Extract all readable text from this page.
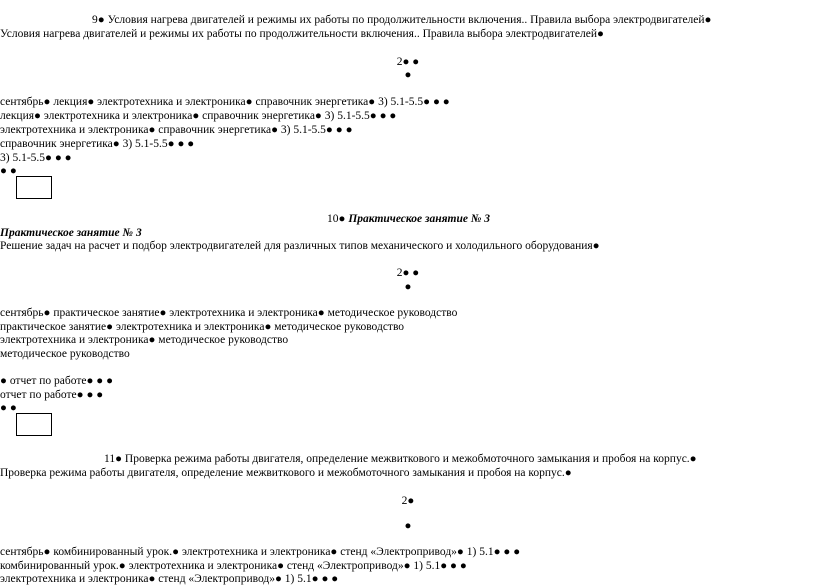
9● Условия нагрева двигателей и режимы их работы по продолжительности включения.. Правила выбора электродвигателей●
Условия нагрева двигателей и режимы их работы по продолжительности включения.. Правила выбора электродвигателей●
2● ●
●
сентябрь● лекция● электротехника и электроника● справочник энергетика● 3) 5.1-5.5● ● ●
лекция● электротехника и электроника● справочник энергетика● 3) 5.1-5.5● ● ●
электротехника и электроника● справочник энергетика● 3) 5.1-5.5● ● ●
справочник энергетика● 3) 5.1-5.5● ● ●
3) 5.1-5.5● ● ●
● ●
10● Практическое занятие № 3
Практическое занятие № 3
Решение задач на расчет и подбор электродвигателей для различных типов механического и холодильного оборудования●
2● ●
●
сентябрь● практическое занятие● электротехника и электроника● методическое руководство
практическое занятие● электротехника и электроника● методическое руководство
электротехника и электроника● методическое руководство
методическое руководство
● отчет по работе● ● ●
отчет по работе● ● ●
● ●
11● Проверка режима работы двигателя, определение межвиткового и межобмоточного замыкания и пробоя на корпус.●
Проверка режима работы двигателя, определение межвиткового и межобмоточного замыкания и пробоя на корпус.●
2●
●
сентябрь● комбинированный урок.● электротехника и электроника● стенд «Электропривод»● 1) 5.1● ● ●
комбинированный урок.● электротехника и электроника● стенд «Электропривод»● 1) 5.1● ● ●
электротехника и электроника● стенд «Электропривод»● 1) 5.1● ● ●
